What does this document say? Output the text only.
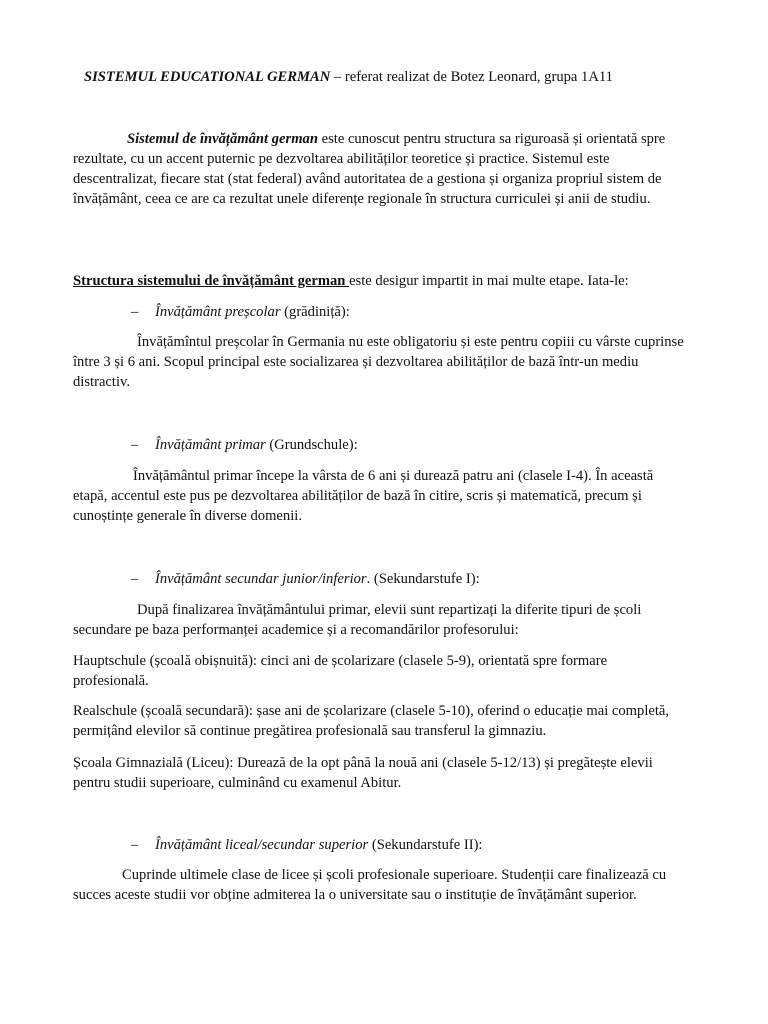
SISTEMUL EDUCATIONAL GERMAN – referat realizat de Botez Leonard, grupa 1A11

Sistemul de învățământ german este cunoscut pentru structura sa riguroasă și orientată spre rezultate, cu un accent puternic pe dezvoltarea abilităților teoretice și practice. Sistemul este descentralizat, fiecare stat (stat federal) având autoritatea de a gestiona și organiza propriul sistem de învățământ, ceea ce are ca rezultat unele diferențe regionale în structura curriculei și anii de studiu.

Structura sistemului de învățământ german este desigur impartit in mai multe etape. Iata-le:

– Învățământ preșcolar (grădiniță):

Învățămîntul preșcolar în Germania nu este obligatoriu și este pentru copiii cu vârste cuprinse între 3 și 6 ani. Scopul principal este socializarea și dezvoltarea abilităților de bază într-un mediu distractiv.

– Învățământ primar (Grundschule):

Învățământul primar începe la vârsta de 6 ani și durează patru ani (clasele I-4). În această etapă, accentul este pus pe dezvoltarea abilităților de bază în citire, scris și matematică, precum și cunoștințe generale în diverse domenii.

– Învățământ secundar junior/inferior. (Sekundarstufe I):

După finalizarea învățământului primar, elevii sunt repartizați la diferite tipuri de școli secundare pe baza performanței academice și a recomandărilor profesorului:

Hauptschule (școală obișnuită): cinci ani de școlarizare (clasele 5-9), orientată spre formare profesională.

Realschule (școală secundară): șase ani de școlarizare (clasele 5-10), oferind o educație mai completă, permițând elevilor să continue pregătirea profesională sau transferul la gimnaziu.

Școala Gimnazială (Liceu): Durează de la opt până la nouă ani (clasele 5-12/13) și pregătește elevii pentru studii superioare, culminând cu examenul Abitur.

– Învățământ liceal/secundar superior (Sekundarstufe II):

Cuprinde ultimele clase de licee și școli profesionale superioare. Studenții care finalizează cu succes aceste studii vor obține admiterea la o universitate sau o instituție de învățământ superior.
